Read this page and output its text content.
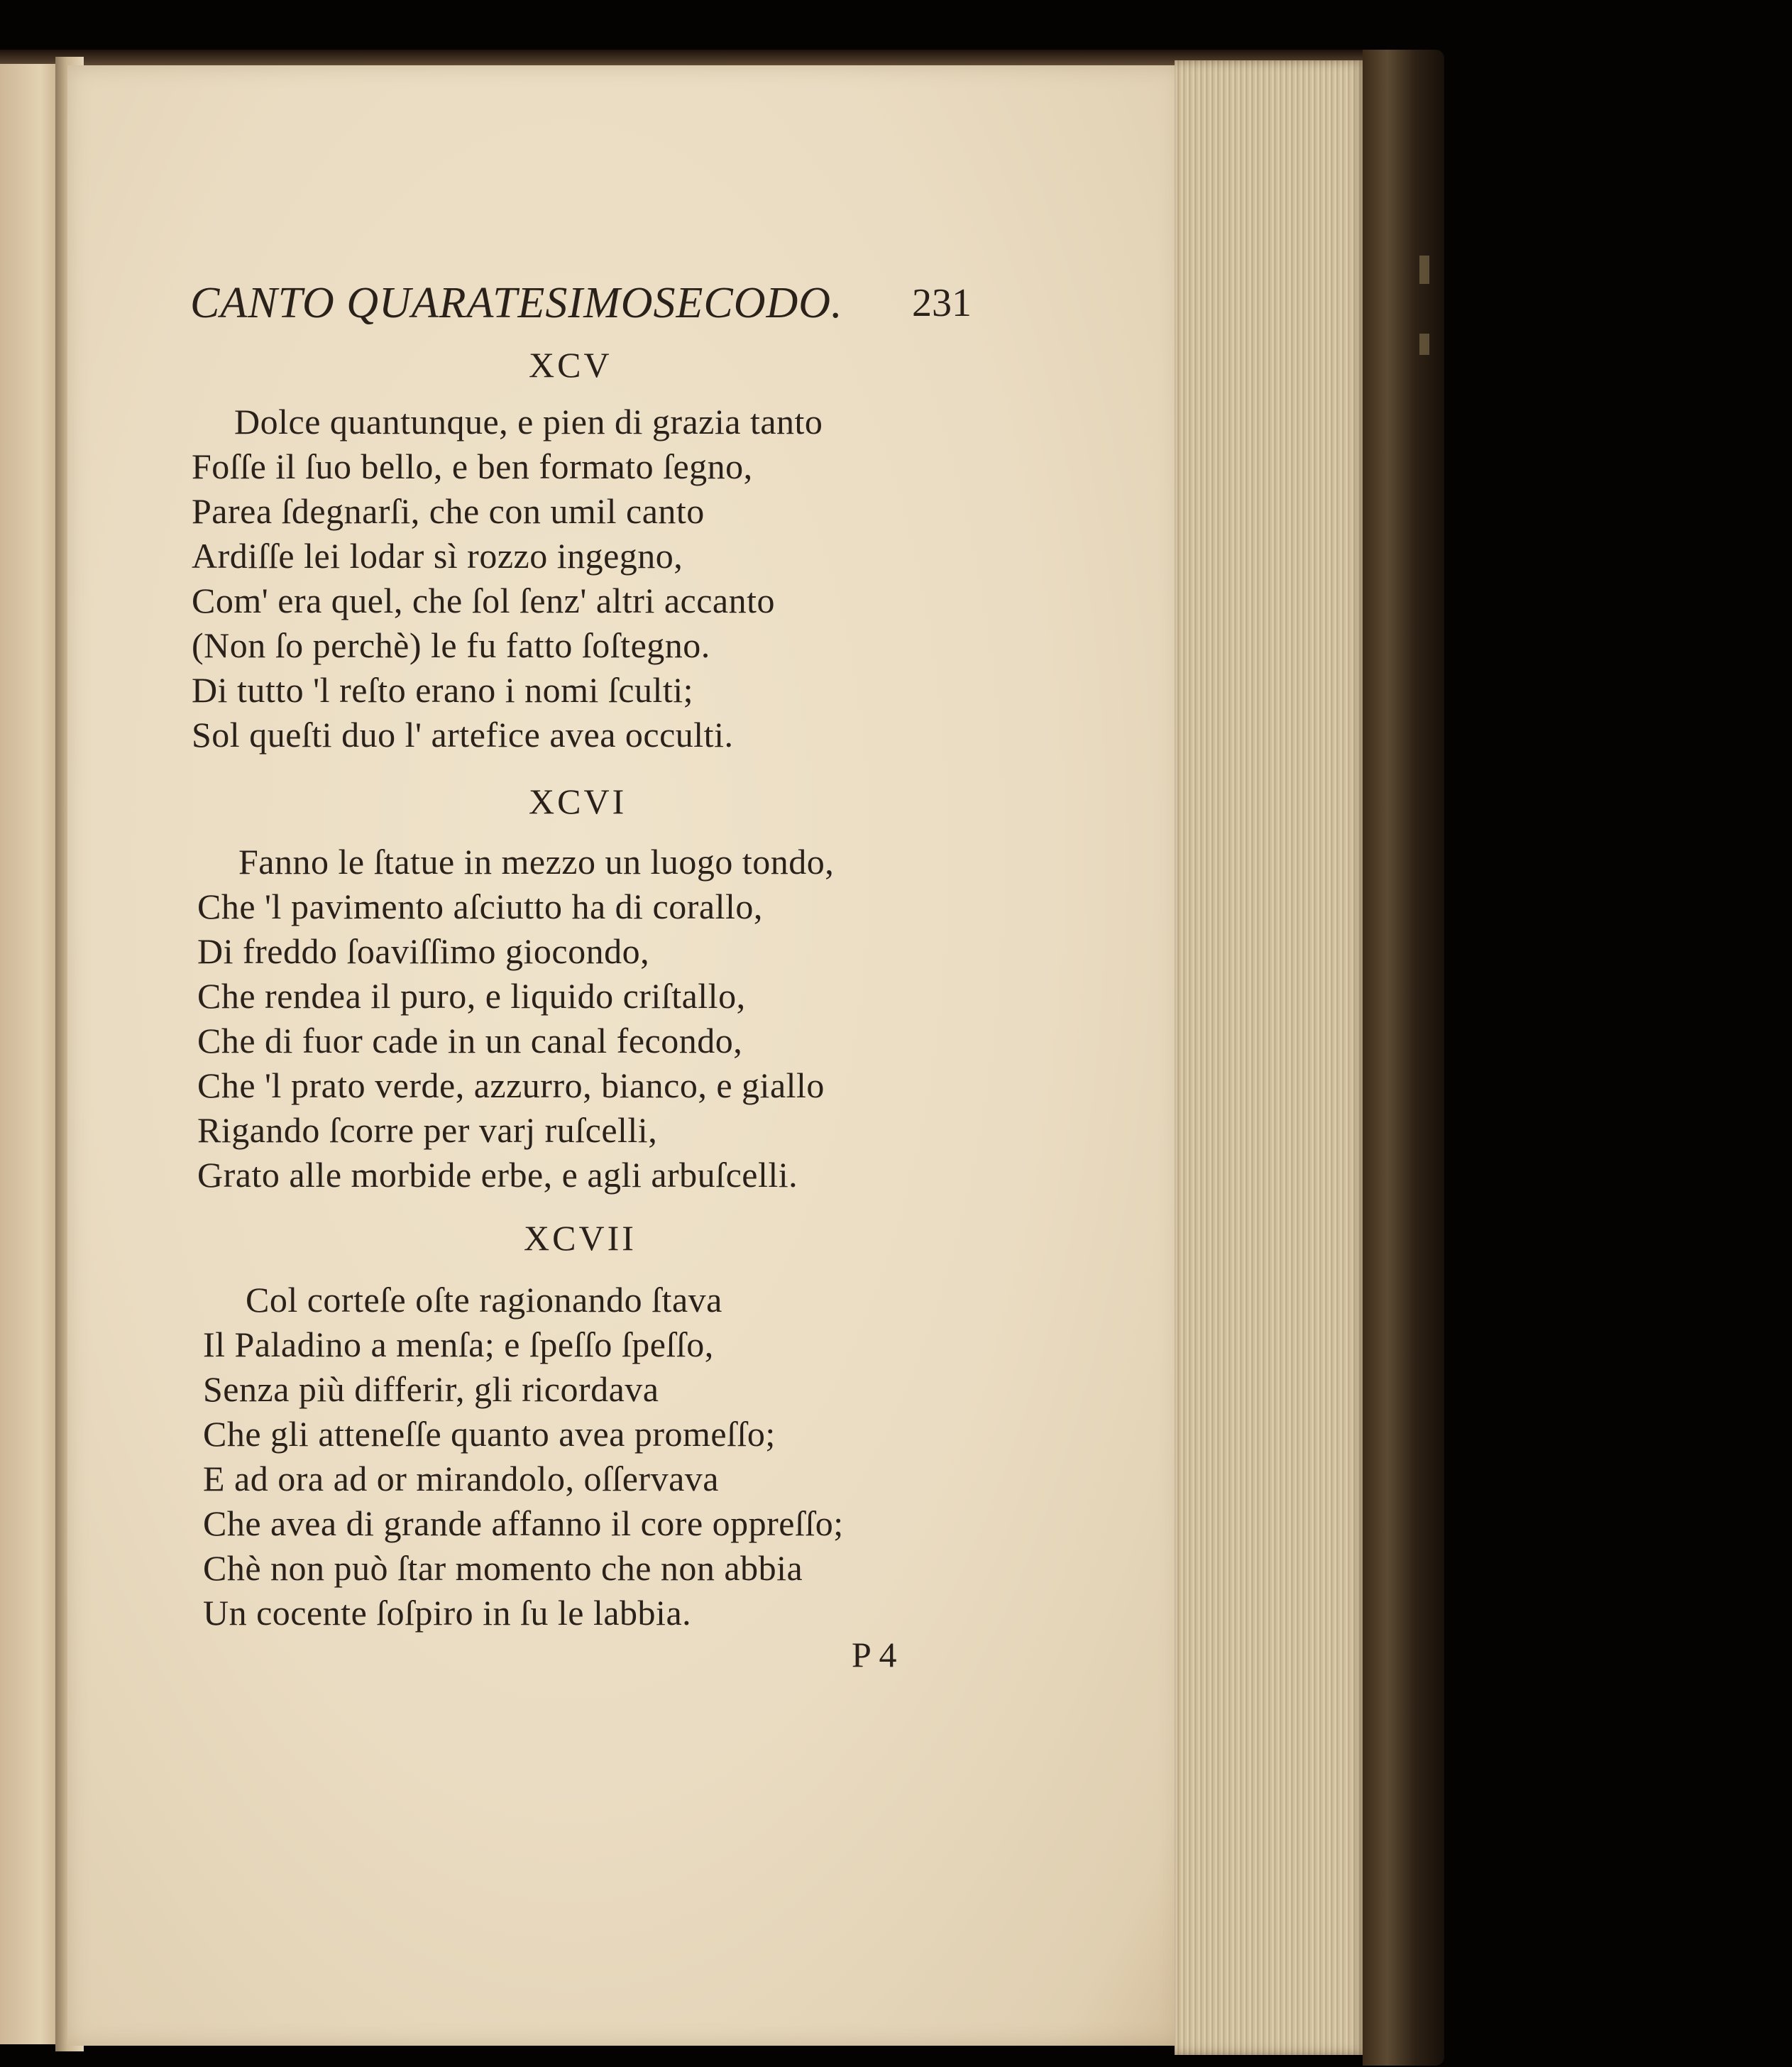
CANTO QUARATESIMOSECODO. 231
XCV
Dolce quantunque, e pien di grazia tanto
Foſſe il ſuo bello, e ben formato ſegno,
Parea ſdegnarſi, che con umil canto
Ardiſſe lei lodar sì rozzo ingegno,
Com' era quel, che ſol ſenz' altri accanto
(Non ſo perchè) le fu fatto ſoſtegno.
Di tutto 'l reſto erano i nomi ſculti;
Sol queſti duo l' artefice avea occulti.
XCVI
Fanno le ſtatue in mezzo un luogo tondo,
Che 'l pavimento aſciutto ha di corallo,
Di freddo ſoaviſſimo giocondo,
Che rendea il puro, e liquido criſtallo,
Che di fuor cade in un canal fecondo,
Che 'l prato verde, azzurro, bianco, e giallo
Rigando ſcorre per varj ruſcelli,
Grato alle morbide erbe, e agli arbuſcelli.
XCVII
Col corteſe oſte ragionando ſtava
Il Paladino a menſa; e ſpeſſo ſpeſſo,
Senza più differir, gli ricordava
Che gli atteneſſe quanto avea promeſſo;
E ad ora ad or mirandolo, oſſervava
Che avea di grande affanno il core oppreſſo;
Chè non può ſtar momento che non abbia
Un cocente ſoſpiro in ſu le labbia.
P 4
